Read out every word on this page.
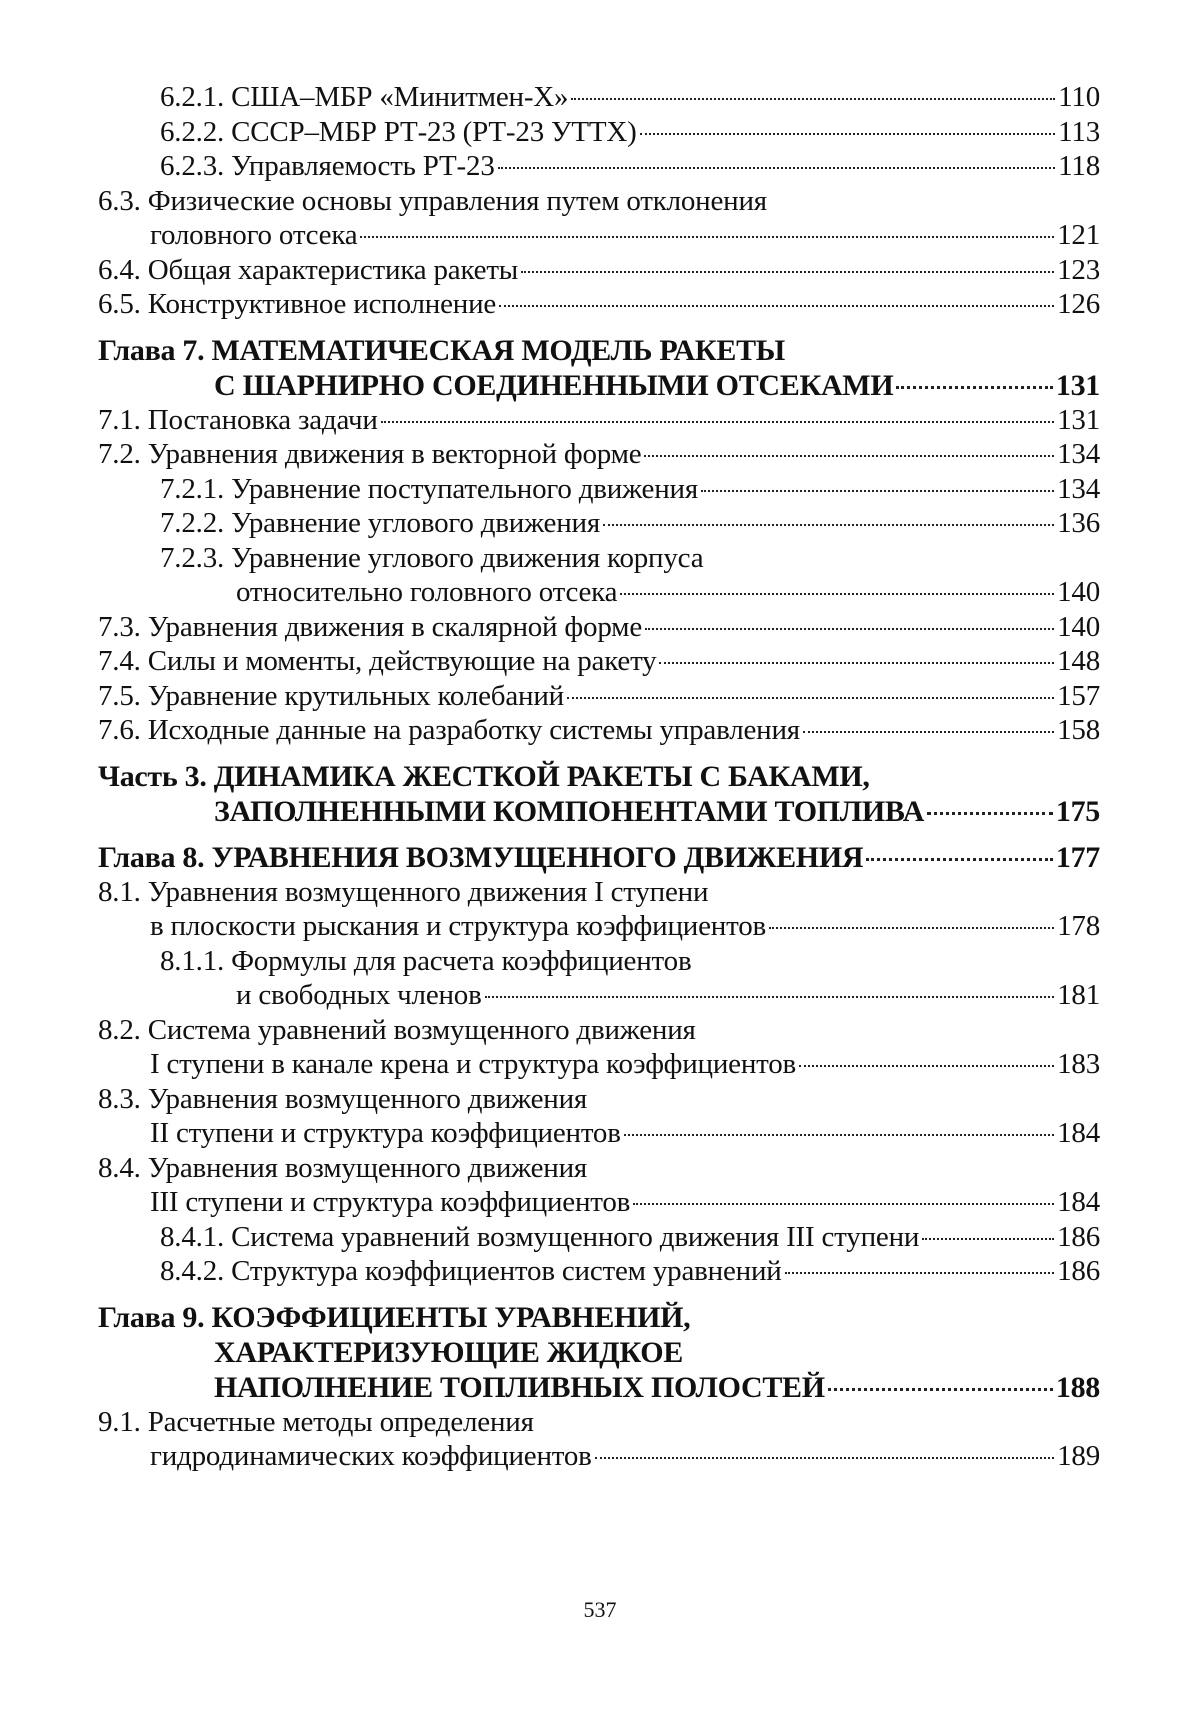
6.2.1. США–МБР «Минитмен-Х»	110
6.2.2. СССР–МБР РТ-23 (РТ-23 УТТХ)	113
6.2.3. Управляемость РТ-23	118
6.3. Физические основы управления путем отклонения
головного отсека	121
6.4. Общая характеристика ракеты	123
6.5. Конструктивное исполнение	126
Глава 7. МАТЕМАТИЧЕСКАЯ МОДЕЛЬ РАКЕТЫ
С ШАРНИРНО СОЕДИНЕННЫМИ ОТСЕКАМИ	131
7.1. Постановка задачи	131
7.2. Уравнения движения в векторной форме	134
7.2.1. Уравнение поступательного движения	134
7.2.2. Уравнение углового движения	136
7.2.3. Уравнение углового движения корпуса
относительно головного отсека	140
7.3. Уравнения движения в скалярной форме	140
7.4. Силы и моменты, действующие на ракету	148
7.5. Уравнение крутильных колебаний	157
7.6. Исходные данные на разработку системы управления	158
Часть 3. ДИНАМИКА ЖЕСТКОЙ РАКЕТЫ С БАКАМИ,
ЗАПОЛНЕННЫМИ КОМПОНЕНТАМИ ТОПЛИВА	175
Глава 8. УРАВНЕНИЯ ВОЗМУЩЕННОГО ДВИЖЕНИЯ	177
8.1. Уравнения возмущенного движения I ступени
в плоскости рыскания и структура коэффициентов	178
8.1.1. Формулы для расчета коэффициентов
и свободных членов	181
8.2. Система уравнений возмущенного движения
I ступени в канале крена и структура коэффициентов	183
8.3. Уравнения возмущенного движения
II ступени и структура коэффициентов	184
8.4. Уравнения возмущенного движения
III ступени и структура коэффициентов	184
8.4.1. Система уравнений возмущенного движения III ступени	186
8.4.2. Структура коэффициентов систем уравнений	186
Глава 9. КОЭФФИЦИЕНТЫ УРАВНЕНИЙ,
ХАРАКТЕРИЗУЮЩИЕ ЖИДКОЕ
НАПОЛНЕНИЕ ТОПЛИВНЫХ ПОЛОСТЕЙ	188
9.1. Расчетные методы определения
гидродинамических коэффициентов	189
537
